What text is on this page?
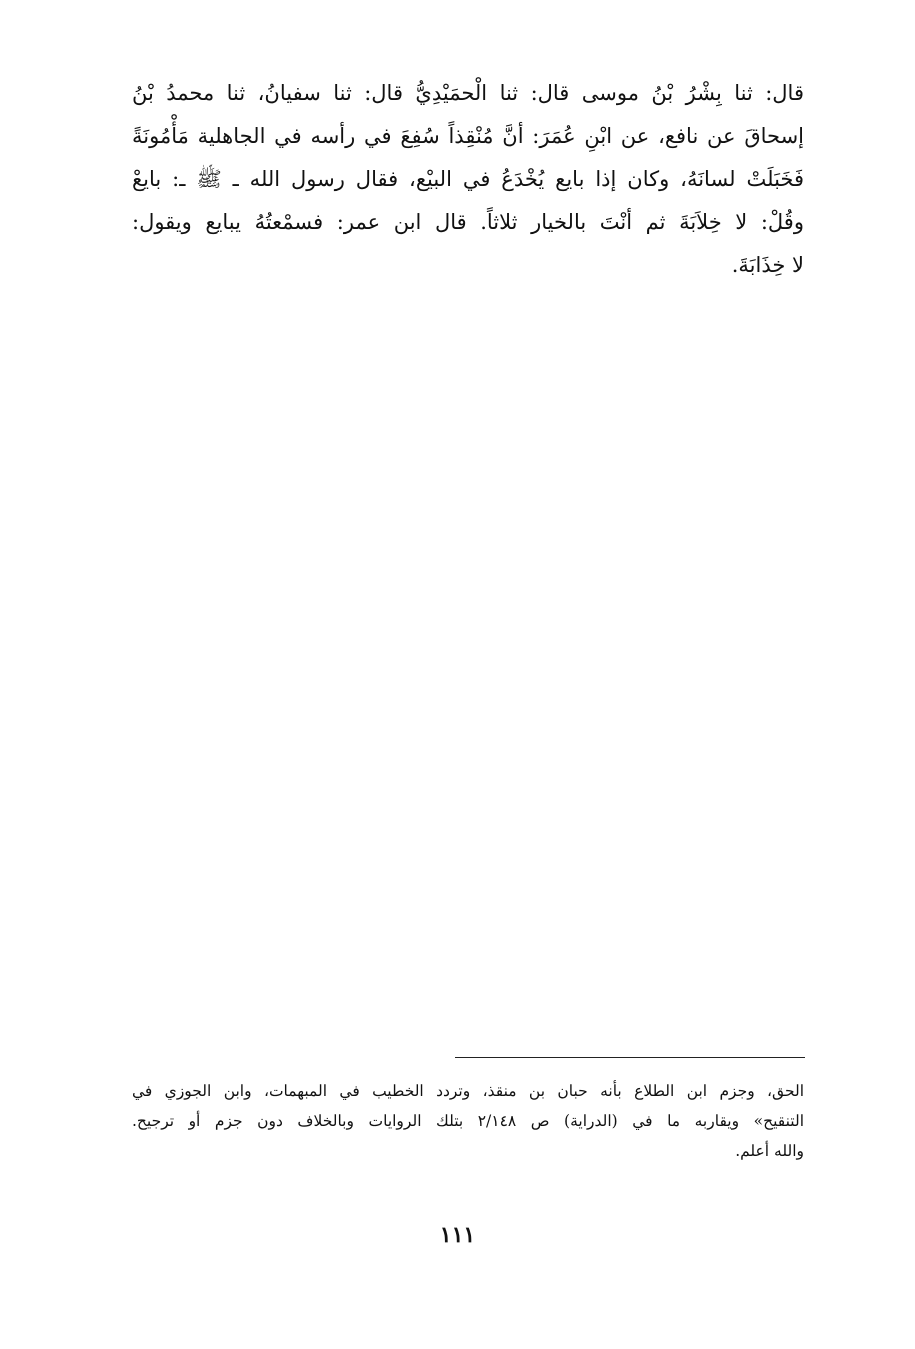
قال: ثنا بِشْرُ بْنُ موسى قال: ثنا الْحمَيْدِيُّ قال: ثنا سفيانُ، ثنا محمدُ بْنُ
إسحاقَ عن نافع، عن ابْنِ عُمَرَ: أنَّ مُنْقِذاً سُفِعَ في رأسه في الجاهلية مَأْمُونَةً
فَخَبَلَتْ لسانَهُ، وكان إذا بايع يُخْدَعُ في البيْع، فقال رسول الله ـ ﷺ ـ: بايعْ
وقُلْ: لا خِلاَبَةَ ثم أنْتَ بالخيار ثلاثاً. قال ابن عمر: فسمْعتُهُ يبايع ويقول:
لا خِذَابَةَ.
الحق، وجزم ابن الطلاع بأنه حبان بن منقذ، وتردد الخطيب في المبهمات، وابن الجوزي في
التنقيح» ويقاربه ما في (الدراية) ص ٢/١٤٨ بتلك الروايات وبالخلاف دون جزم أو ترجيح.
والله أعلم.
١١١
